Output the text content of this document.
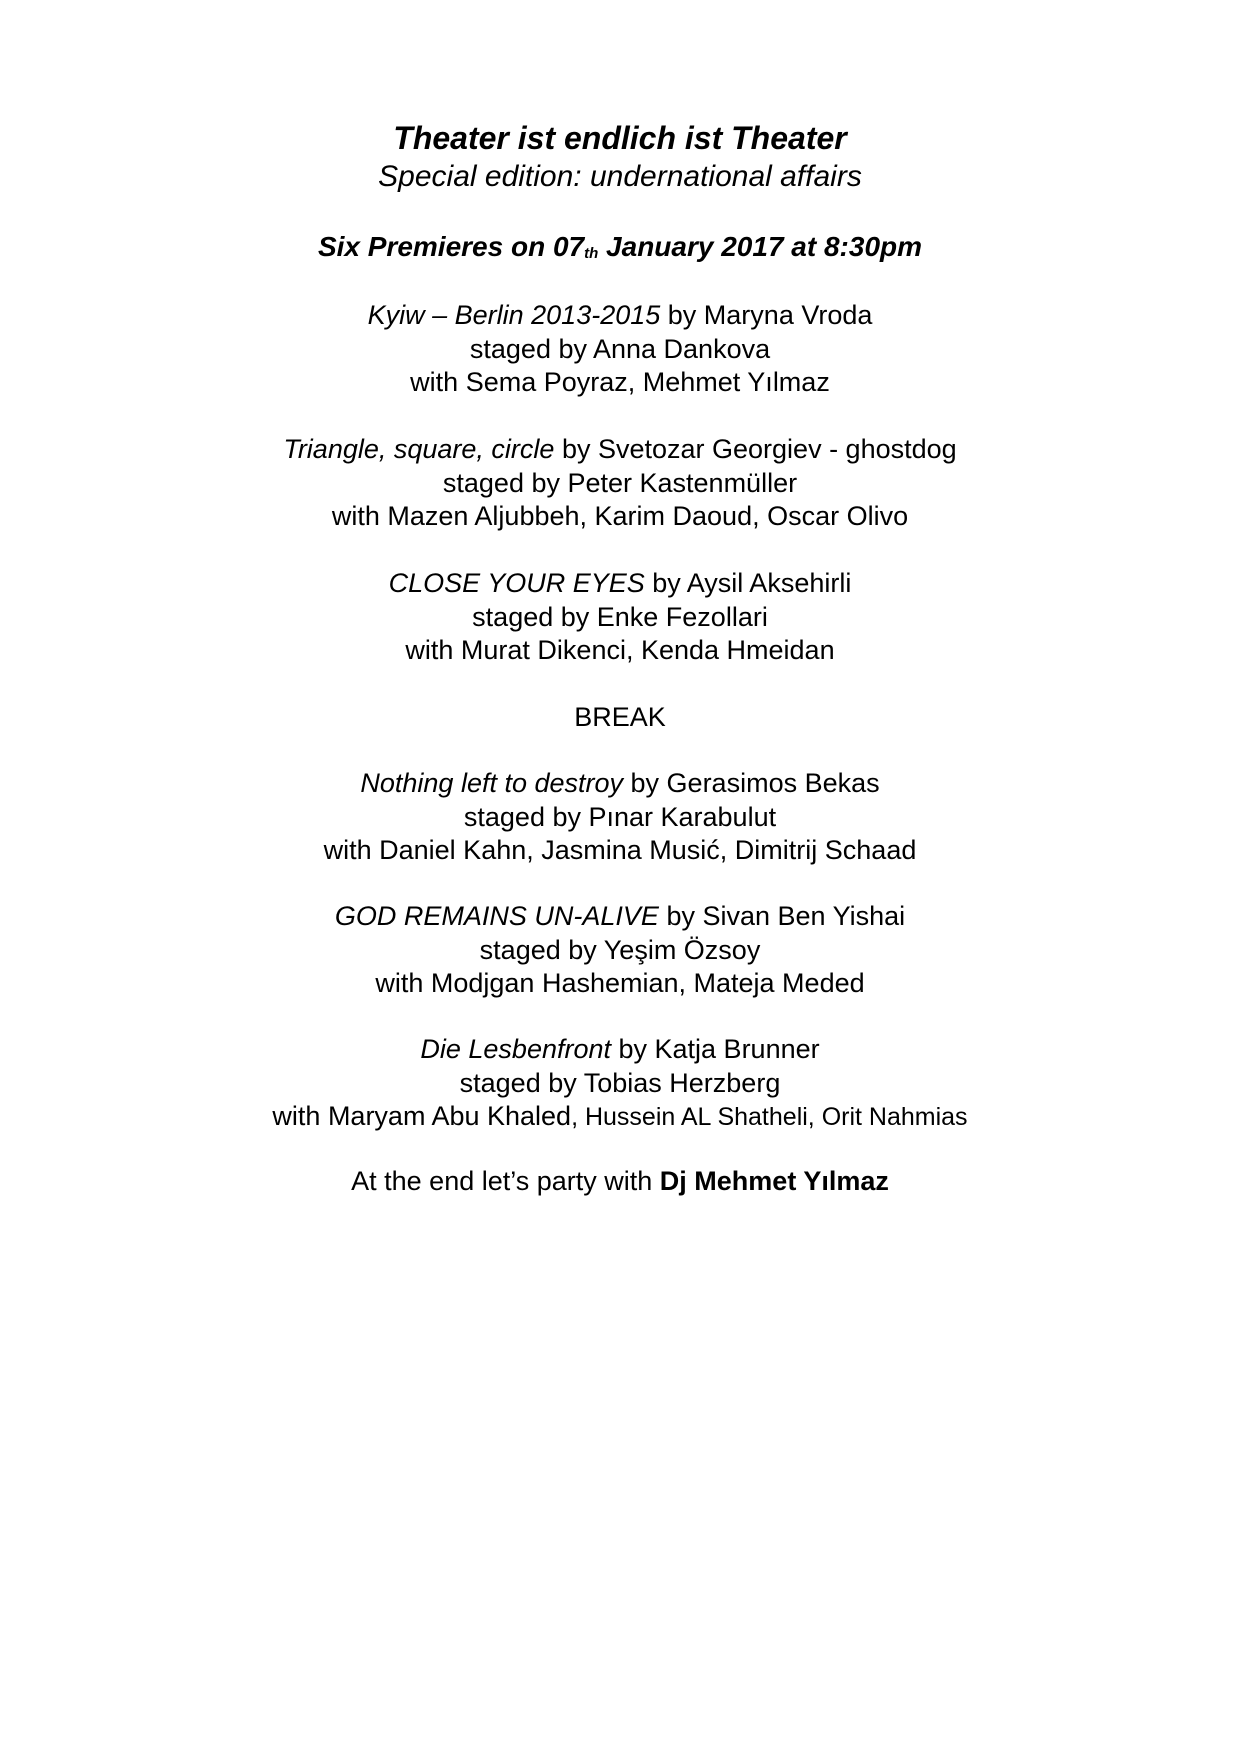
Theater ist endlich ist Theater
Special edition: undernational affairs
Six Premieres on $07_{th}$ January 2017 at 8:30pm
Kyiw – Berlin 2013-2015 by Maryna Vroda
staged by Anna Dankova
with Sema Poyraz, Mehmet Yılmaz
Triangle, square, circle by Svetozar Georgiev - ghostdog
staged by Peter Kastenmüller
with Mazen Aljubbeh, Karim Daoud, Oscar Olivo
CLOSE YOUR EYES by Aysil Aksehirli
staged by Enke Fezollari
with Murat Dikenci, Kenda Hmeidan
BREAK
Nothing left to destroy by Gerasimos Bekas
staged by Pınar Karabulut
with Daniel Kahn, Jasmina Musić, Dimitrij Schaad
GOD REMAINS UN-ALIVE by Sivan Ben Yishai
staged by Yeşim Özsoy
with Modjgan Hashemian, Mateja Meded
Die Lesbenfront by Katja Brunner
staged by Tobias Herzberg
with Maryam Abu Khaled, Hussein AL Shatheli, Orit Nahmias
At the end let’s party with Dj Mehmet Yılmaz
